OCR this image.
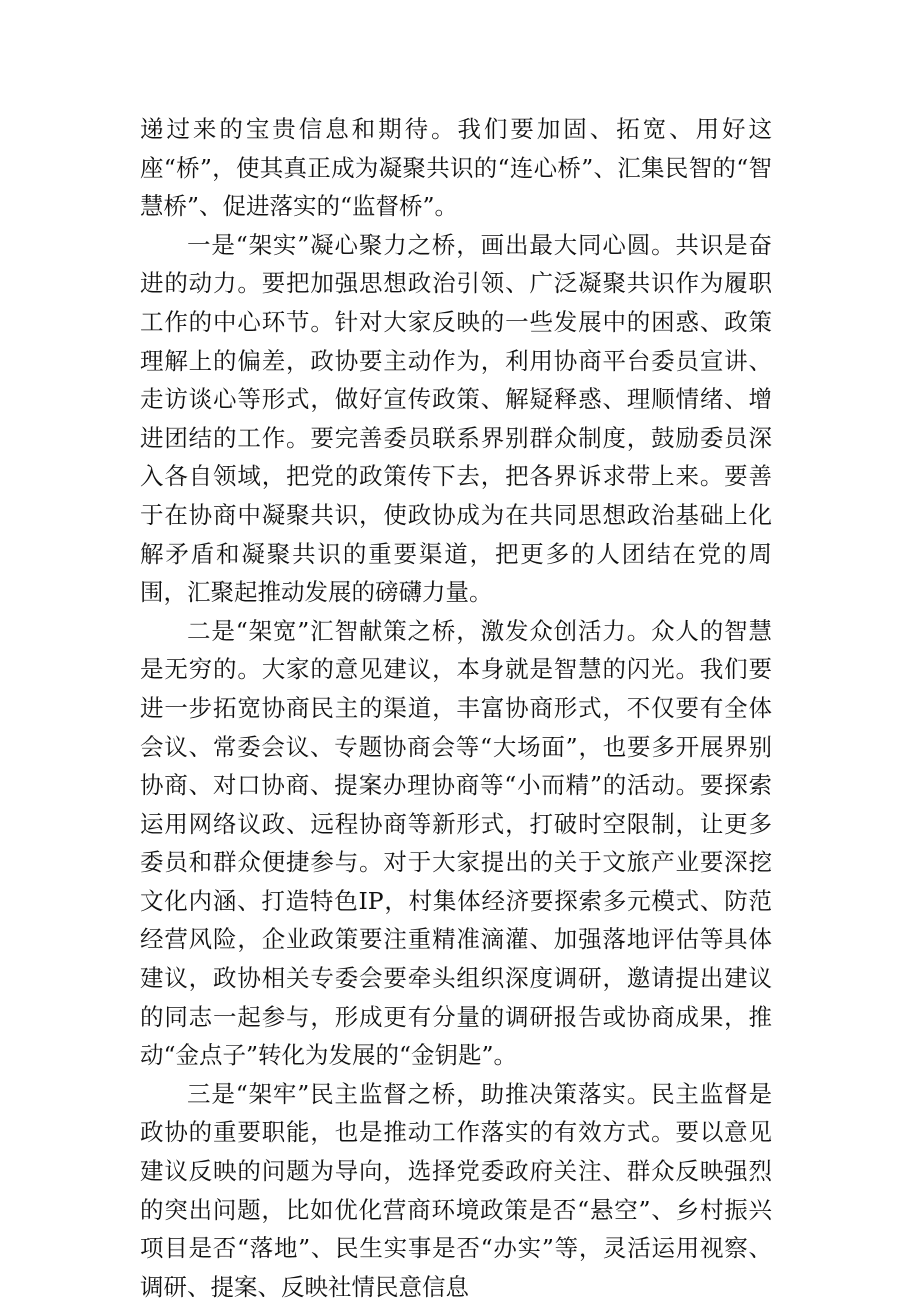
递过来的宝贵信息和期待。我们要加固、拓宽、用好这座“桥”，使其真正成为凝聚共识的“连心桥”、汇集民智的“智慧桥”、促进落实的“监督桥”。

一是“架实”凝心聚力之桥，画出最大同心圆。共识是奋进的动力。要把加强思想政治引领、广泛凝聚共识作为履职工作的中心环节。针对大家反映的一些发展中的困惑、政策理解上的偏差，政协要主动作为，利用协商平台委员宣讲、走访谈心等形式，做好宣传政策、解疑释惑、理顺情绪、增进团结的工作。要完善委员联系界别群众制度，鼓励委员深入各自领域，把党的政策传下去，把各界诉求带上来。要善于在协商中凝聚共识，使政协成为在共同思想政治基础上化解矛盾和凝聚共识的重要渠道，把更多的人团结在党的周围，汇聚起推动发展的磅礴力量。

二是“架宽”汇智献策之桥，激发众创活力。众人的智慧是无穷的。大家的意见建议，本身就是智慧的闪光。我们要进一步拓宽协商民主的渠道，丰富协商形式，不仅要有全体会议、常委会议、专题协商会等“大场面”，也要多开展界别协商、对口协商、提案办理协商等“小而精”的活动。要探索运用网络议政、远程协商等新形式，打破时空限制，让更多委员和群众便捷参与。对于大家提出的关于文旅产业要深挖文化内涵、打造特色IP，村集体经济要探索多元模式、防范经营风险，企业政策要注重精准滴灌、加强落地评估等具体建议，政协相关专委会要牵头组织深度调研，邀请提出建议的同志一起参与，形成更有分量的调研报告或协商成果，推动“金点子”转化为发展的“金钥匙”。

三是“架牢”民主监督之桥，助推决策落实。民主监督是政协的重要职能，也是推动工作落实的有效方式。要以意见建议反映的问题为导向，选择党委政府关注、群众反映强烈的突出问题，比如优化营商环境政策是否“悬空”、乡村振兴项目是否“落地”、民生实事是否“办实”等，灵活运用视察、调研、提案、反映社情民意信息
